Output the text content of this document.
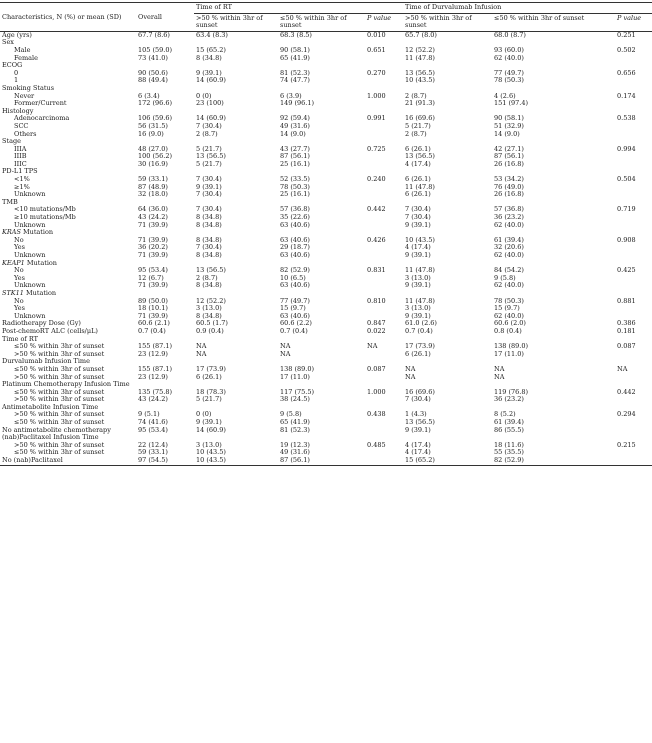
		Time of RT			Time of Durvalumab Infusion		
Characteristics, N (%) or mean (SD)	Overall	>50 % within 3hr of sunset	≤50 % within 3hr of sunset	P value	>50 % within 3hr of sunset	≤50 % within 3hr of sunset	P value
Age (yrs)	67.7 (8.6)	63.4 (8.3)	68.3 (8.5)	0.010	65.7 (8.0)	68.0 (8.7)	0.251
Sex							
Male	105 (59.0)	15 (65.2)	90 (58.1)	0.651	12 (52.2)	93 (60.0)	0.502
Female	73 (41.0)	8 (34.8)	65 (41.9)		11 (47.8)	62 (40.0)	
ECOG							
0	90 (50.6)	9 (39.1)	81 (52.3)	0.270	13 (56.5)	77 (49.7)	0.656
1	88 (49.4)	14 (60.9)	74 (47.7)		10 (43.5)	78 (50.3)	
Smoking Status							
Never	6 (3.4)	0 (0)	6 (3.9)	1.000	2 (8.7)	4 (2.6)	0.174
Former/Current	172 (96.6)	23 (100)	149 (96.1)		21 (91.3)	151 (97.4)	
Histology							
Adenocarcinoma	106 (59.6)	14 (60.9)	92 (59.4)	0.991	16 (69.6)	90 (58.1)	0.538
SCC	56 (31.5)	7 (30.4)	49 (31.6)		5 (21.7)	51 (32.9)	
Others	16 (9.0)	2 (8.7)	14 (9.0)		2 (8.7)	14 (9.0)	
Stage							
IIIA	48 (27.0)	5 (21.7)	43 (27.7)	0.725	6 (26.1)	42 (27.1)	0.994
IIIB	100 (56.2)	13 (56.5)	87 (56.1)		13 (56.5)	87 (56.1)	
IIIC	30 (16.9)	5 (21.7)	25 (16.1)		4 (17.4)	26 (16.8)	
PD-L1 TPS							
<1%	59 (33.1)	7 (30.4)	52 (33.5)	0.240	6 (26.1)	53 (34.2)	0.504
≥1%	87 (48.9)	9 (39.1)	78 (50.3)		11 (47.8)	76 (49.0)	
Unknown	32 (18.0)	7 (30.4)	25 (16.1)		6 (26.1)	26 (16.8)	
TMB							
<10 mutations/Mb	64 (36.0)	7 (30.4)	57 (36.8)	0.442	7 (30.4)	57 (36.8)	0.719
≥10 mutations/Mb	43 (24.2)	8 (34.8)	35 (22.6)		7 (30.4)	36 (23.2)	
Unknown	71 (39.9)	8 (34.8)	63 (40.6)		9 (39.1)	62 (40.0)	
KRAS Mutation							
No	71 (39.9)	8 (34.8)	63 (40.6)	0.426	10 (43.5)	61 (39.4)	0.908
Yes	36 (20.2)	7 (30.4)	29 (18.7)		4 (17.4)	32 (20.6)	
Unknown	71 (39.9)	8 (34.8)	63 (40.6)		9 (39.1)	62 (40.0)	
KEAP1 Mutation							
No	95 (53.4)	13 (56.5)	82 (52.9)	0.831	11 (47.8)	84 (54.2)	0.425
Yes	12 (6.7)	2 (8.7)	10 (6.5)		3 (13.0)	9 (5.8)	
Unknown	71 (39.9)	8 (34.8)	63 (40.6)		9 (39.1)	62 (40.0)	
STK11 Mutation							
No	89 (50.0)	12 (52.2)	77 (49.7)	0.810	11 (47.8)	78 (50.3)	0.881
Yes	18 (10.1)	3 (13.0)	15 (9.7)		3 (13.0)	15 (9.7)	
Unknown	71 (39.9)	8 (34.8)	63 (40.6)		9 (39.1)	62 (40.0)	
Radiotherapy Dose (Gy)	60.6 (2.1)	60.5 (1.7)	60.6 (2.2)	0.847	61.0 (2.6)	60.6 (2.0)	0.386
Post-chemoRT ALC (cells/μL)	0.7 (0.4)	0.9 (0.4)	0.7 (0.4)	0.022	0.7 (0.4)	0.8 (0.4)	0.181
Time of RT							
≤50 % within 3hr of sunset	155 (87.1)	NA	NA	NA	17 (73.9)	138 (89.0)	0.087
>50 % within 3hr of sunset	23 (12.9)	NA	NA		6 (26.1)	17 (11.0)	
Durvalumab Infusion Time							
≤50 % within 3hr of sunset	155 (87.1)	17 (73.9)	138 (89.0)	0.087	NA	NA	NA
>50 % within 3hr of sunset	23 (12.9)	6 (26.1)	17 (11.0)		NA	NA	
Platinum Chemotherapy Infusion Time							
≤50 % within 3hr of sunset	135 (75.8)	18 (78.3)	117 (75.5)	1.000	16 (69.6)	119 (76.8)	0.442
>50 % within 3hr of sunset	43 (24.2)	5 (21.7)	38 (24.5)		7 (30.4)	36 (23.2)	
Antimetabolite Infusion Time							
>50 % within 3hr of sunset	9 (5.1)	0 (0)	9 (5.8)	0.438	1 (4.3)	8 (5.2)	0.294
≤50 % within 3hr of sunset	74 (41.6)	9 (39.1)	65 (41.9)		13 (56.5)	61 (39.4)	
No antimetabolite chemotherapy	95 (53.4)	14 (60.9)	81 (52.3)		9 (39.1)	86 (55.5)	
(nab)Paclitaxel Infusion Time							
>50 % within 3hr of sunset	22 (12.4)	3 (13.0)	19 (12.3)	0.485	4 (17.4)	18 (11.6)	0.215
≤50 % within 3hr of sunset	59 (33.1)	10 (43.5)	49 (31.6)		4 (17.4)	55 (35.5)	
No (nab)Paclitaxel	97 (54.5)	10 (43.5)	87 (56.1)		15 (65.2)	82 (52.9)	
